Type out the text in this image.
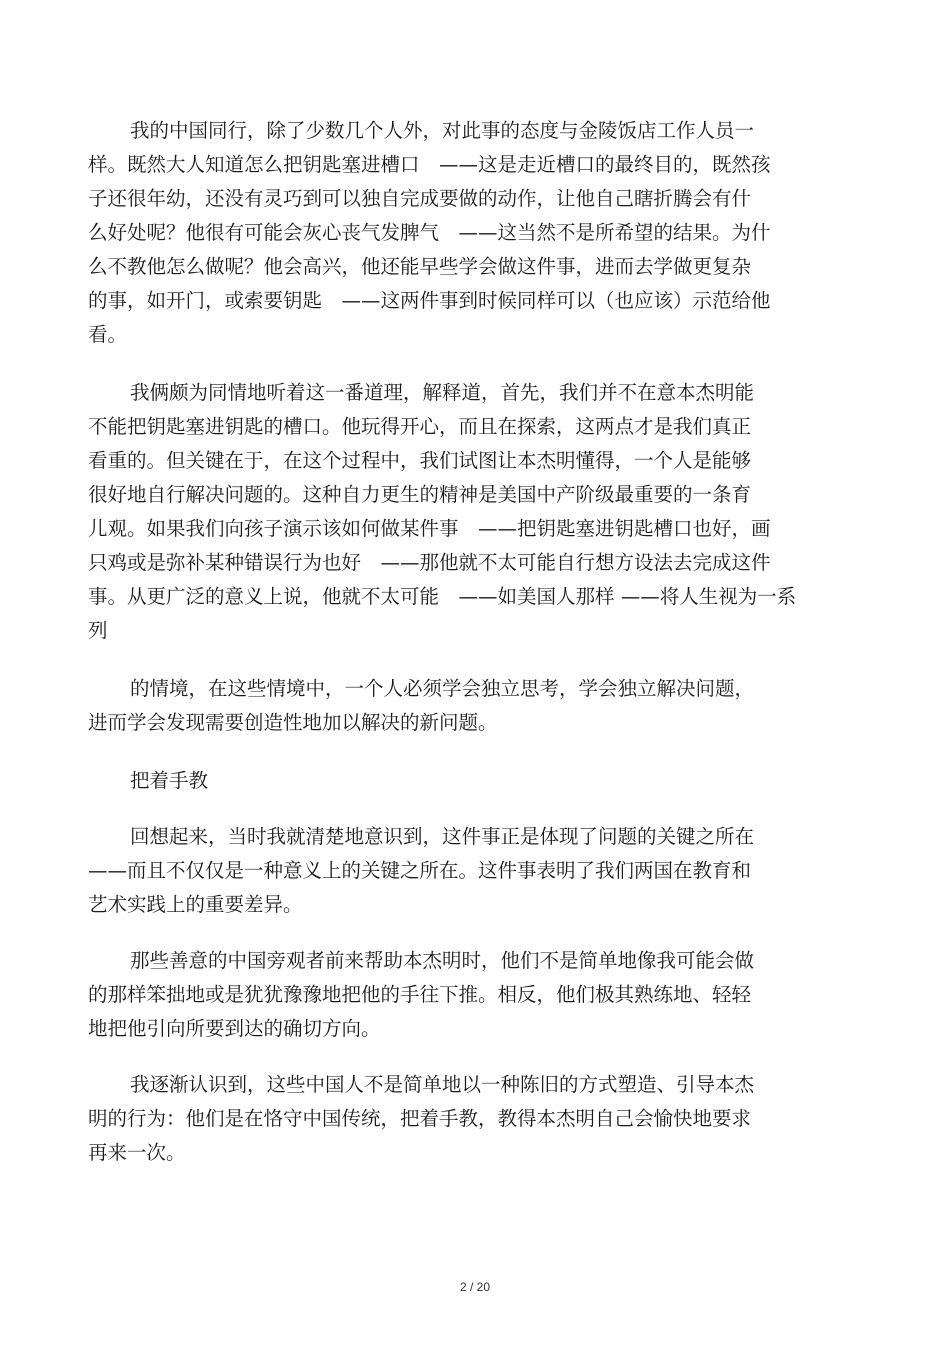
我的中国同行，除了少数几个人外，对此事的态度与金陵饭店工作人员一
样。既然大人知道怎么把钥匙塞进槽口　——这是走近槽口的最终目的，既然孩
子还很年幼，还没有灵巧到可以独自完成要做的动作，让他自己瞎折腾会有什
么好处呢？他很有可能会灰心丧气发脾气　——这当然不是所希望的结果。为什
么不教他怎么做呢？他会高兴，他还能早些学会做这件事，进而去学做更复杂
的事，如开门，或索要钥匙　——这两件事到时候同样可以（也应该）示范给他
看。
我俩颇为同情地听着这一番道理，解释道，首先，我们并不在意本杰明能
不能把钥匙塞进钥匙的槽口。他玩得开心，而且在探索，这两点才是我们真正
看重的。但关键在于，在这个过程中，我们试图让本杰明懂得，一个人是能够
很好地自行解决问题的。这种自力更生的精神是美国中产阶级最重要的一条育
儿观。如果我们向孩子演示该如何做某件事　——把钥匙塞进钥匙槽口也好，画
只鸡或是弥补某种错误行为也好　——那他就不太可能自行想方设法去完成这件
事。从更广泛的意义上说，他就不太可能　——如美国人那样 ——将人生视为一系
列
的情境，在这些情境中，一个人必须学会独立思考，学会独立解决问题，
进而学会发现需要创造性地加以解决的新问题。
把着手教
回想起来，当时我就清楚地意识到，这件事正是体现了问题的关键之所在
——而且不仅仅是一种意义上的关键之所在。这件事表明了我们两国在教育和
艺术实践上的重要差异。
那些善意的中国旁观者前来帮助本杰明时，他们不是简单地像我可能会做
的那样笨拙地或是犹犹豫豫地把他的手往下推。相反，他们极其熟练地、轻轻
地把他引向所要到达的确切方向。
我逐渐认识到，这些中国人不是简单地以一种陈旧的方式塑造、引导本杰
明的行为：他们是在恪守中国传统，把着手教，教得本杰明自己会愉快地要求
再来一次。
2 / 20
